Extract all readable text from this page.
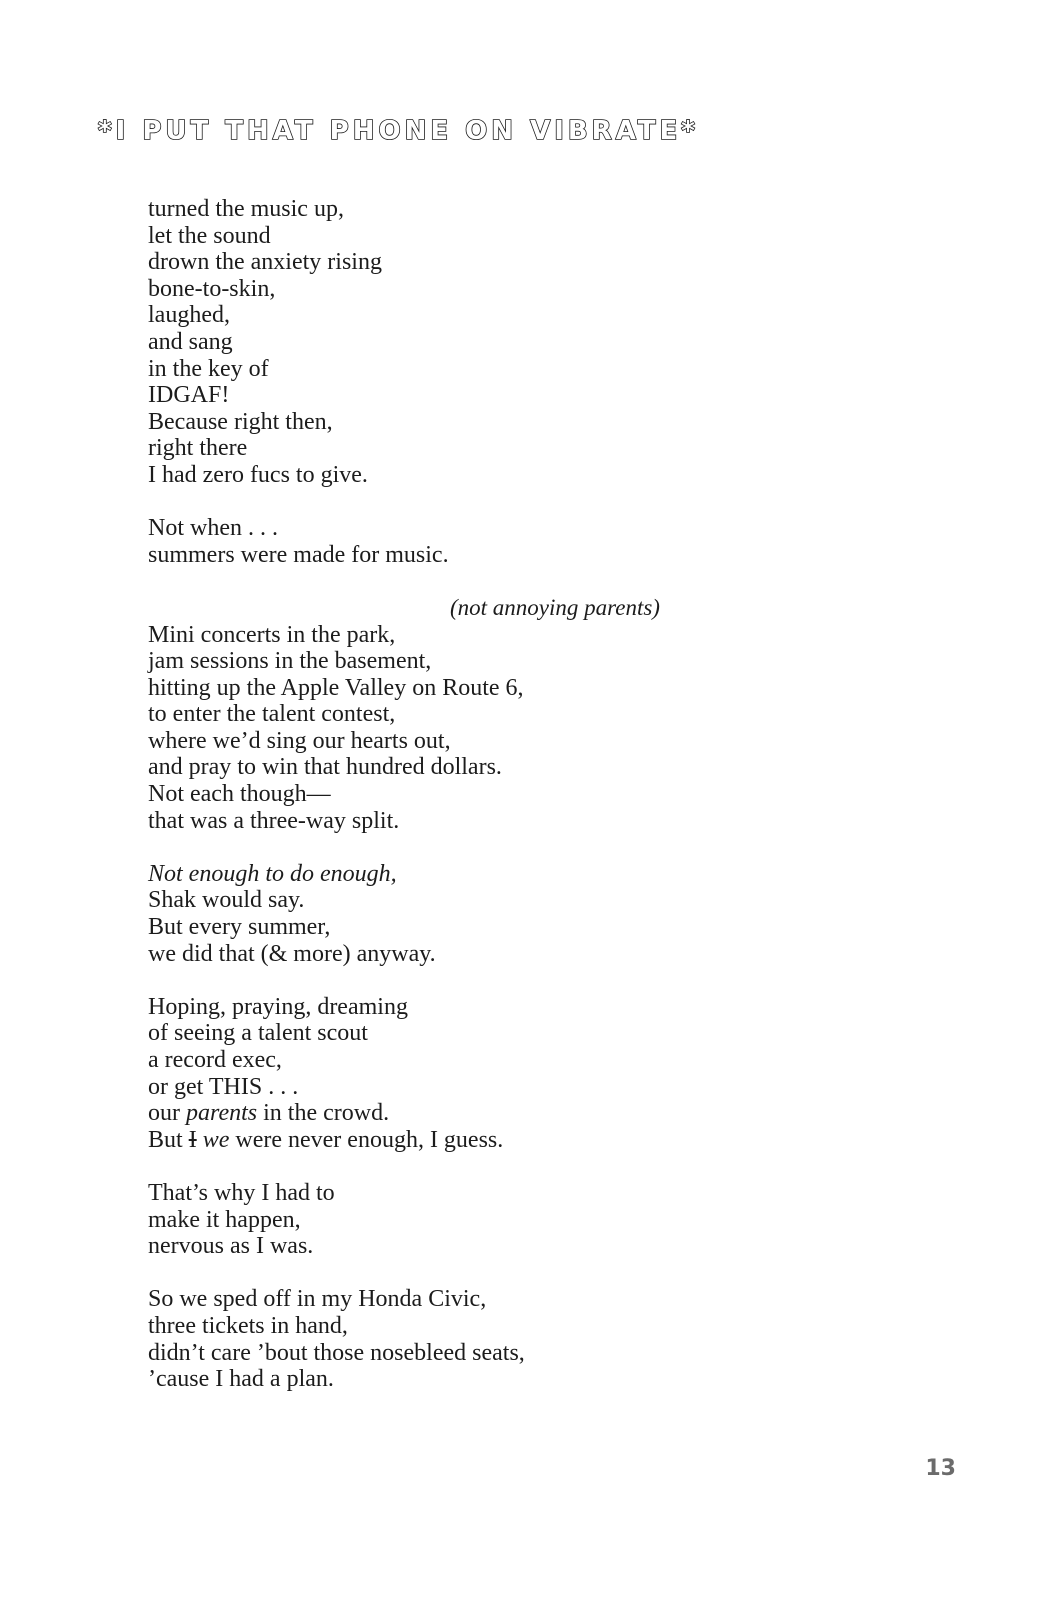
*I PUT THAT PHONE ON VIBRATE*
turned the music up,
let the sound
drown the anxiety rising
bone-to-skin,
laughed,
and sang
in the key of
IDGAF!
Because right then,
right there
I had zero fucs to give.
Not when . . .
summers were made for music.
(not annoying parents)
Mini concerts in the park,
jam sessions in the basement,
hitting up the Apple Valley on Route 6,
to enter the talent contest,
where we’d sing our hearts out,
and pray to win that hundred dollars.
Not each though—
that was a three-way split.
Not enough to do enough,
Shak would say.
But every summer,
we did that (& more) anyway.
Hoping, praying, dreaming
of seeing a talent scout
a record exec,
or get THIS . . .
our parents in the crowd.
But I we were never enough, I guess.
That’s why I had to
make it happen,
nervous as I was.
So we sped off in my Honda Civic,
three tickets in hand,
didn’t care ’bout those nosebleed seats,
’cause I had a plan.
13
